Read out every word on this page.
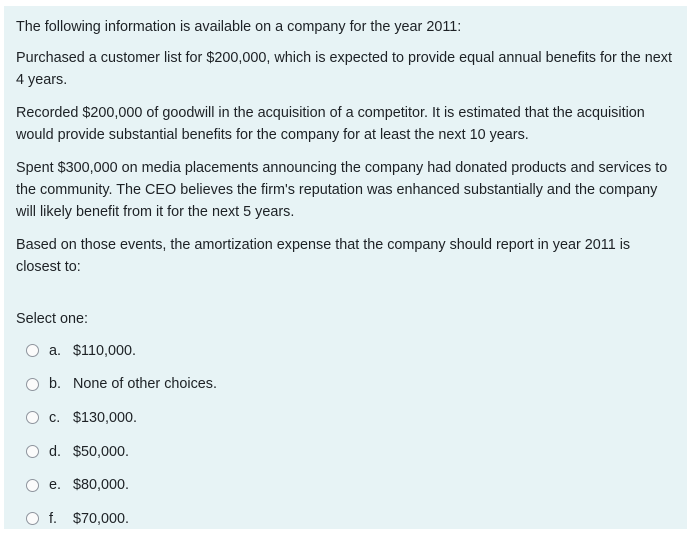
The following information is available on a company for the year 2011:

Purchased a customer list for $200,000, which is expected to provide equal annual benefits for the next 4 years.

Recorded $200,000 of goodwill in the acquisition of a competitor. It is estimated that the acquisition would provide substantial benefits for the company for at least the next 10 years.

Spent $300,000 on media placements announcing the company had donated products and services to the community. The CEO believes the firm's reputation was enhanced substantially and the company will likely benefit from it for the next 5 years.

Based on those events, the amortization expense that the company should report in year 2011 is closest to:

Select one:
a. $110,000.
b. None of other choices.
c. $130,000.
d. $50,000.
e. $80,000.
f.	$70,000.
